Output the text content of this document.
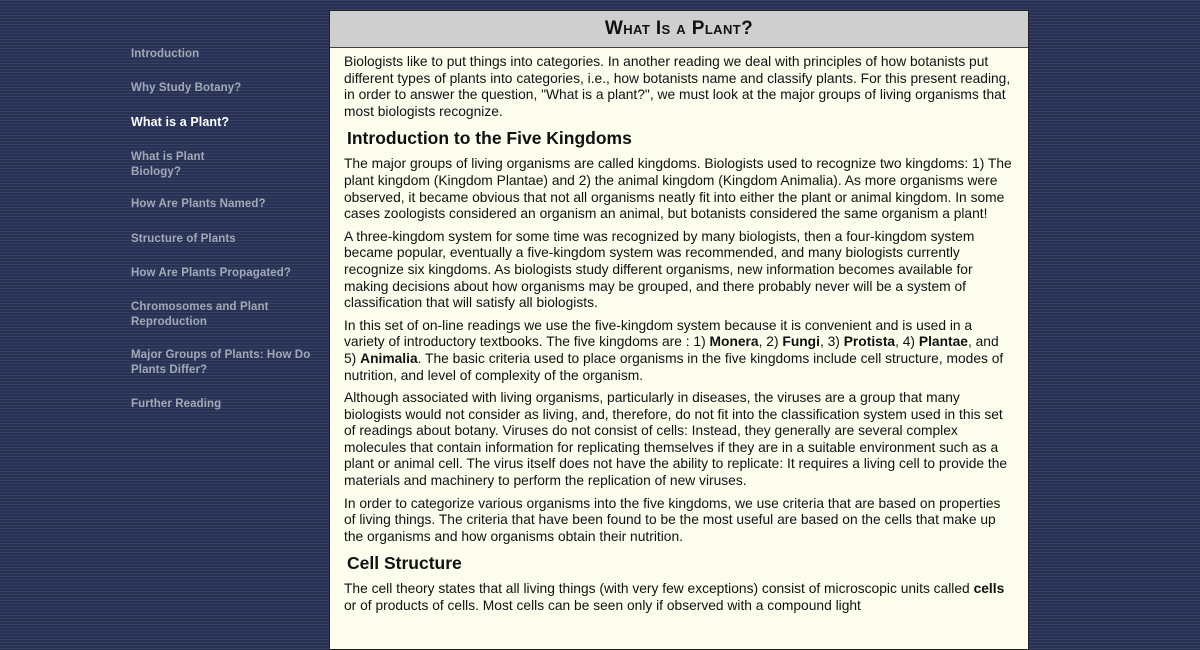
Introduction
Why Study Botany?
What is a Plant?
What is Plant
Biology?
How Are Plants Named?
Structure of Plants
How Are Plants Propagated?
Chromosomes and Plant
Reproduction
Major Groups of Plants: How Do
Plants Differ?
Further Reading
What Is a Plant?

Biologists like to put things into categories. In another reading we deal with principles of how botanists put different types of plants into categories, i.e., how botanists name and classify plants. For this present reading, in order to answer the question, "What is a plant?", we must look at the major groups of living organisms that most biologists recognize.

Introduction to the Five Kingdoms

The major groups of living organisms are called kingdoms. Biologists used to recognize two kingdoms: 1) The plant kingdom (Kingdom Plantae) and 2) the animal kingdom (Kingdom Animalia). As more organisms were observed, it became obvious that not all organisms neatly fit into either the plant or animal kingdom. In some cases zoologists considered an organism an animal, but botanists considered the same organism a plant!

A three-kingdom system for some time was recognized by many biologists, then a four-kingdom system became popular, eventually a five-kingdom system was recommended, and many biologists currently recognize six kingdoms. As biologists study different organisms, new information becomes available for making decisions about how organisms may be grouped, and there probably never will be a system of classification that will satisfy all biologists.

In this set of on-line readings we use the five-kingdom system because it is convenient and is used in a variety of introductory textbooks. The five kingdoms are : 1) Monera, 2) Fungi, 3) Protista, 4) Plantae, and 5) Animalia. The basic criteria used to place organisms in the five kingdoms include cell structure, modes of nutrition, and level of complexity of the organism.

Although associated with living organisms, particularly in diseases, the viruses are a group that many biologists would not consider as living, and, therefore, do not fit into the classification system used in this set of readings about botany. Viruses do not consist of cells: Instead, they generally are several complex molecules that contain information for replicating themselves if they are in a suitable environment such as a plant or animal cell. The virus itself does not have the ability to replicate: It requires a living cell to provide the materials and machinery to perform the replication of new viruses.

In order to categorize various organisms into the five kingdoms, we use criteria that are based on properties of living things. The criteria that have been found to be the most useful are based on the cells that make up the organisms and how organisms obtain their nutrition.

Cell Structure

The cell theory states that all living things (with very few exceptions) consist of microscopic units called cells or of products of cells. Most cells can be seen only if observed with a compound light
